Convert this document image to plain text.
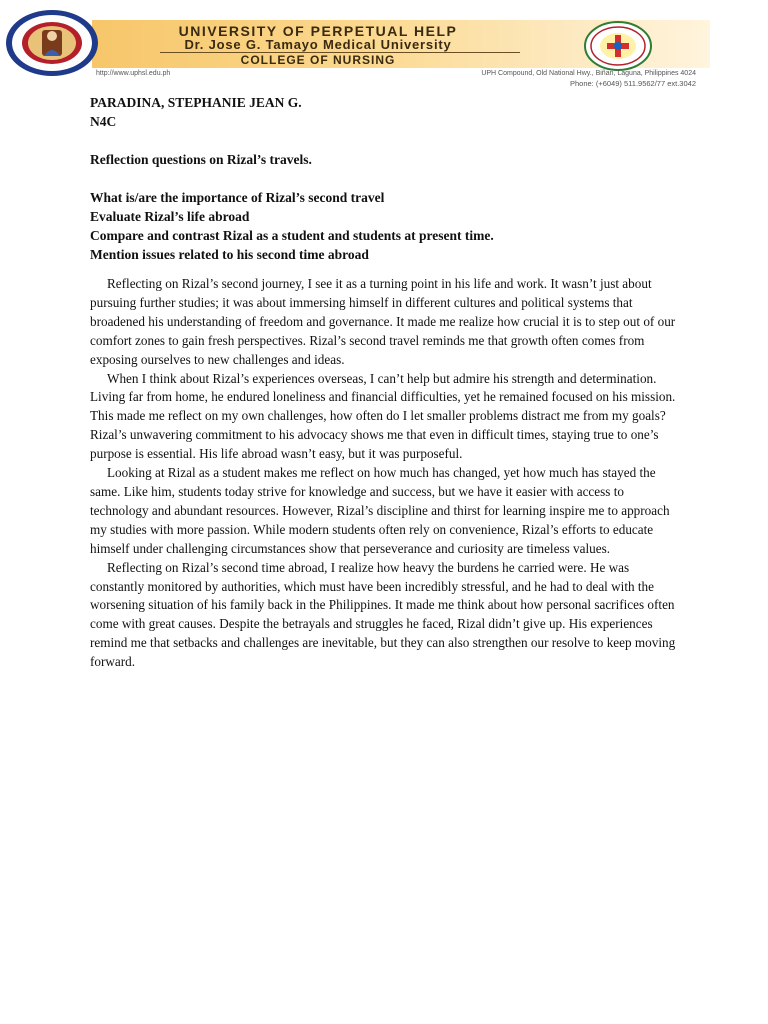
UNIVERSITY OF PERPETUAL HELP
Dr. Jose G. Tamayo Medical University
COLLEGE OF NURSING
http://www.uphsl.edu.ph	UPH Compound, Old National Hwy., Biñan, Laguna, Philippines 4024
Phone: (+6049) 511.9562/77 ext.3042
PARADINA, STEPHANIE JEAN G.
N4C
Reflection questions on Rizal’s travels.
What is/are the importance of Rizal’s second travel
Evaluate Rizal’s life abroad
Compare and contrast Rizal as a student and students at present time.
Mention issues related to his second time abroad

Reflecting on Rizal’s second journey, I see it as a turning point in his life and work. It wasn’t just about pursuing further studies; it was about immersing himself in different cultures and political systems that broadened his understanding of freedom and governance. It made me realize how crucial it is to step out of our comfort zones to gain fresh perspectives. Rizal’s second travel reminds me that growth often comes from exposing ourselves to new challenges and ideas.

When I think about Rizal’s experiences overseas, I can’t help but admire his strength and determination. Living far from home, he endured loneliness and financial difficulties, yet he remained focused on his mission. This made me reflect on my own challenges, how often do I let smaller problems distract me from my goals? Rizal’s unwavering commitment to his advocacy shows me that even in difficult times, staying true to one’s purpose is essential. His life abroad wasn’t easy, but it was purposeful.

Looking at Rizal as a student makes me reflect on how much has changed, yet how much has stayed the same. Like him, students today strive for knowledge and success, but we have it easier with access to technology and abundant resources. However, Rizal’s discipline and thirst for learning inspire me to approach my studies with more passion. While modern students often rely on convenience, Rizal’s efforts to educate himself under challenging circumstances show that perseverance and curiosity are timeless values.

Reflecting on Rizal’s second time abroad, I realize how heavy the burdens he carried were. He was constantly monitored by authorities, which must have been incredibly stressful, and he had to deal with the worsening situation of his family back in the Philippines. It made me think about how personal sacrifices often come with great causes. Despite the betrayals and struggles he faced, Rizal didn’t give up. His experiences remind me that setbacks and challenges are inevitable, but they can also strengthen our resolve to keep moving forward.
